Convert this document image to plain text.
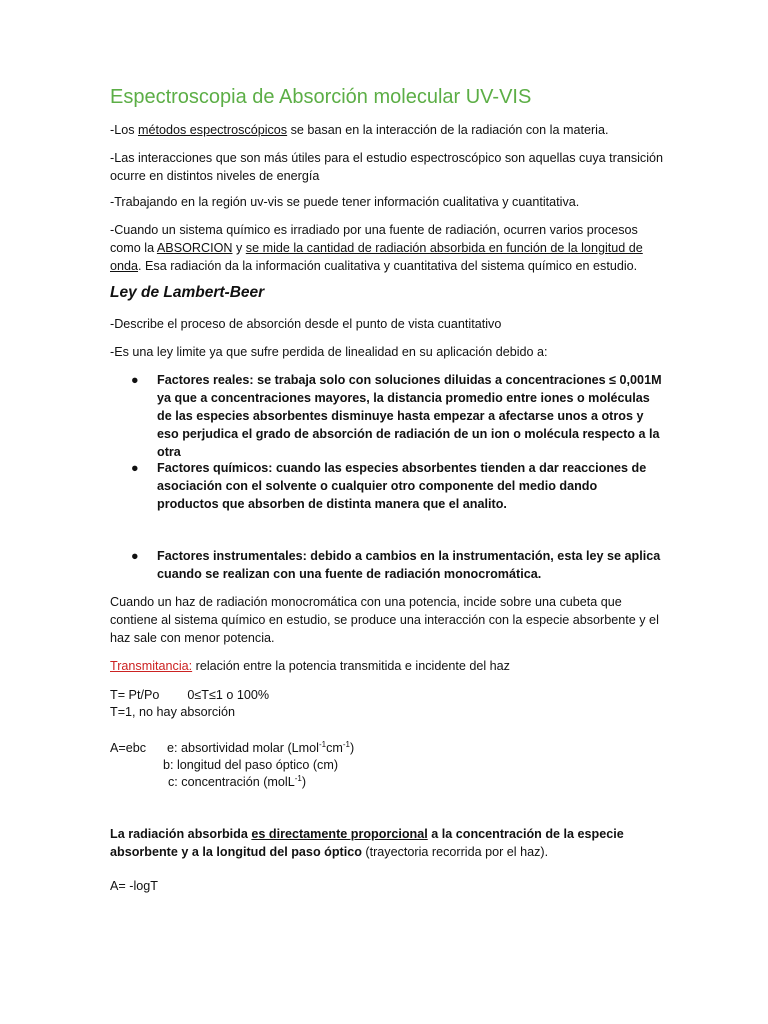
Espectroscopia de Absorción molecular UV-VIS

-Los métodos espectroscópicos se basan en la interacción de la radiación con la materia.

-Las interacciones que son más útiles para el estudio espectroscópico son aquellas cuya transición ocurre en distintos niveles de energía

-Trabajando en la región uv-vis se puede tener información cualitativa y cuantitativa.

-Cuando un sistema químico es irradiado por una fuente de radiación, ocurren varios procesos como la ABSORCION y se mide la cantidad de radiación absorbida en función de la longitud de onda. Esa radiación da la información cualitativa y cuantitativa del sistema químico en estudio.

Ley de Lambert-Beer

-Describe el proceso de absorción desde el punto de vista cuantitativo

-Es una ley limite ya que sufre perdida de linealidad en su aplicación debido a:

● Factores reales: se trabaja solo con soluciones diluidas a concentraciones ≤ 0,001M ya que a concentraciones mayores, la distancia promedio entre iones o moléculas de las especies absorbentes disminuye hasta empezar a afectarse unos a otros y eso perjudica el grado de absorción de radiación de un ion o molécula respecto a la otra

● Factores químicos: cuando las especies absorbentes tienden a dar reacciones de asociación con el solvente o cualquier otro componente del medio dando productos que absorben de distinta manera que el analito.

● Factores instrumentales: debido a cambios en la instrumentación, esta ley se aplica cuando se realizan con una fuente de radiación monocromática.

Cuando un haz de radiación monocromática con una potencia, incide sobre una cubeta que contiene al sistema químico en estudio, se produce una interacción con la especie absorbente y el haz sale con menor potencia.

Transmitancia: relación entre la potencia transmitida e incidente del haz

T= Pt/Po        0≤T≤1 o 100%
T=1, no hay absorción
A=ebc      e: absortividad molar $(Lmol^{-1}cm^{-1})$
b: longitud del paso óptico (cm)
c: concentración (molL$^{-1}$)

La radiación absorbida es directamente proporcional a la concentración de la especie absorbente y a la longitud del paso óptico (trayectoria recorrida por el haz).

A= -logT
